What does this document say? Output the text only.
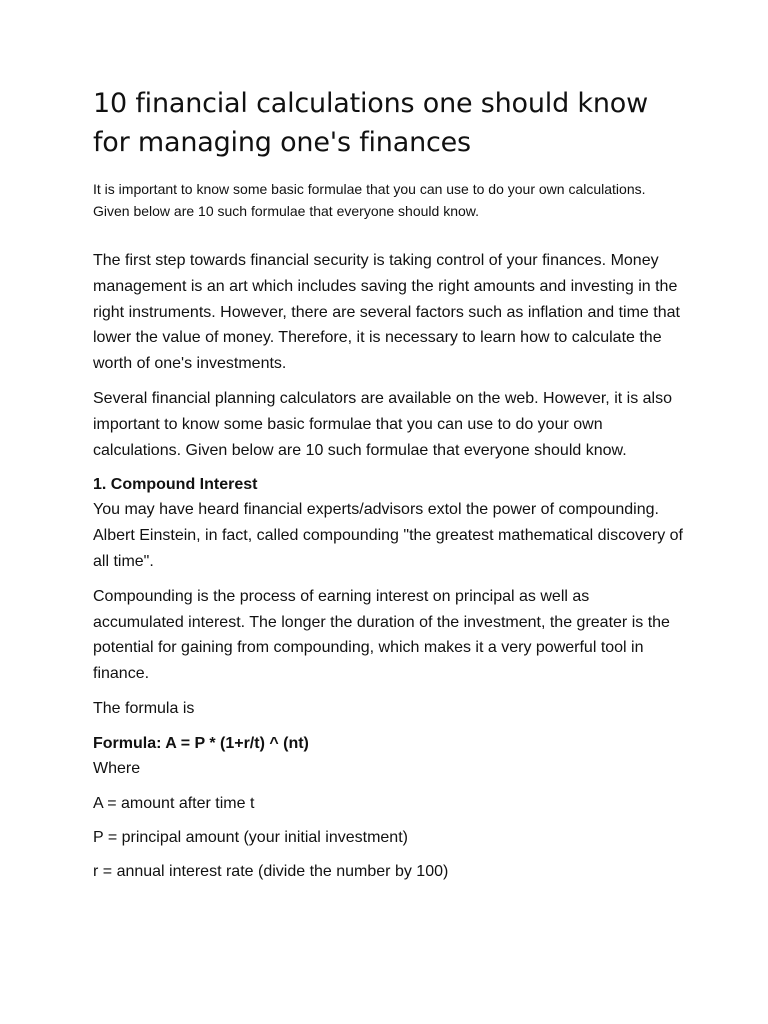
10 financial calculations one should know for managing one's finances

It is important to know some basic formulae that you can use to do your own calculations. Given below are 10 such formulae that everyone should know.

The first step towards financial security is taking control of your finances. Money management is an art which includes saving the right amounts and investing in the right instruments. However, there are several factors such as inflation and time that lower the value of money. Therefore, it is necessary to learn how to calculate the worth of one's investments.

Several financial planning calculators are available on the web. However, it is also important to know some basic formulae that you can use to do your own calculations. Given below are 10 such formulae that everyone should know.

1. Compound Interest

You may have heard financial experts/advisors extol the power of compounding. Albert Einstein, in fact, called compounding "the greatest mathematical discovery of all time".

Compounding is the process of earning interest on principal as well as accumulated interest. The longer the duration of the investment, the greater is the potential for gaining from compounding, which makes it a very powerful tool in finance.

The formula is

Formula: A = P * (1+r/t) ^ (nt)

Where

A = amount after time t

P = principal amount (your initial investment)

r = annual interest rate (divide the number by 100)
